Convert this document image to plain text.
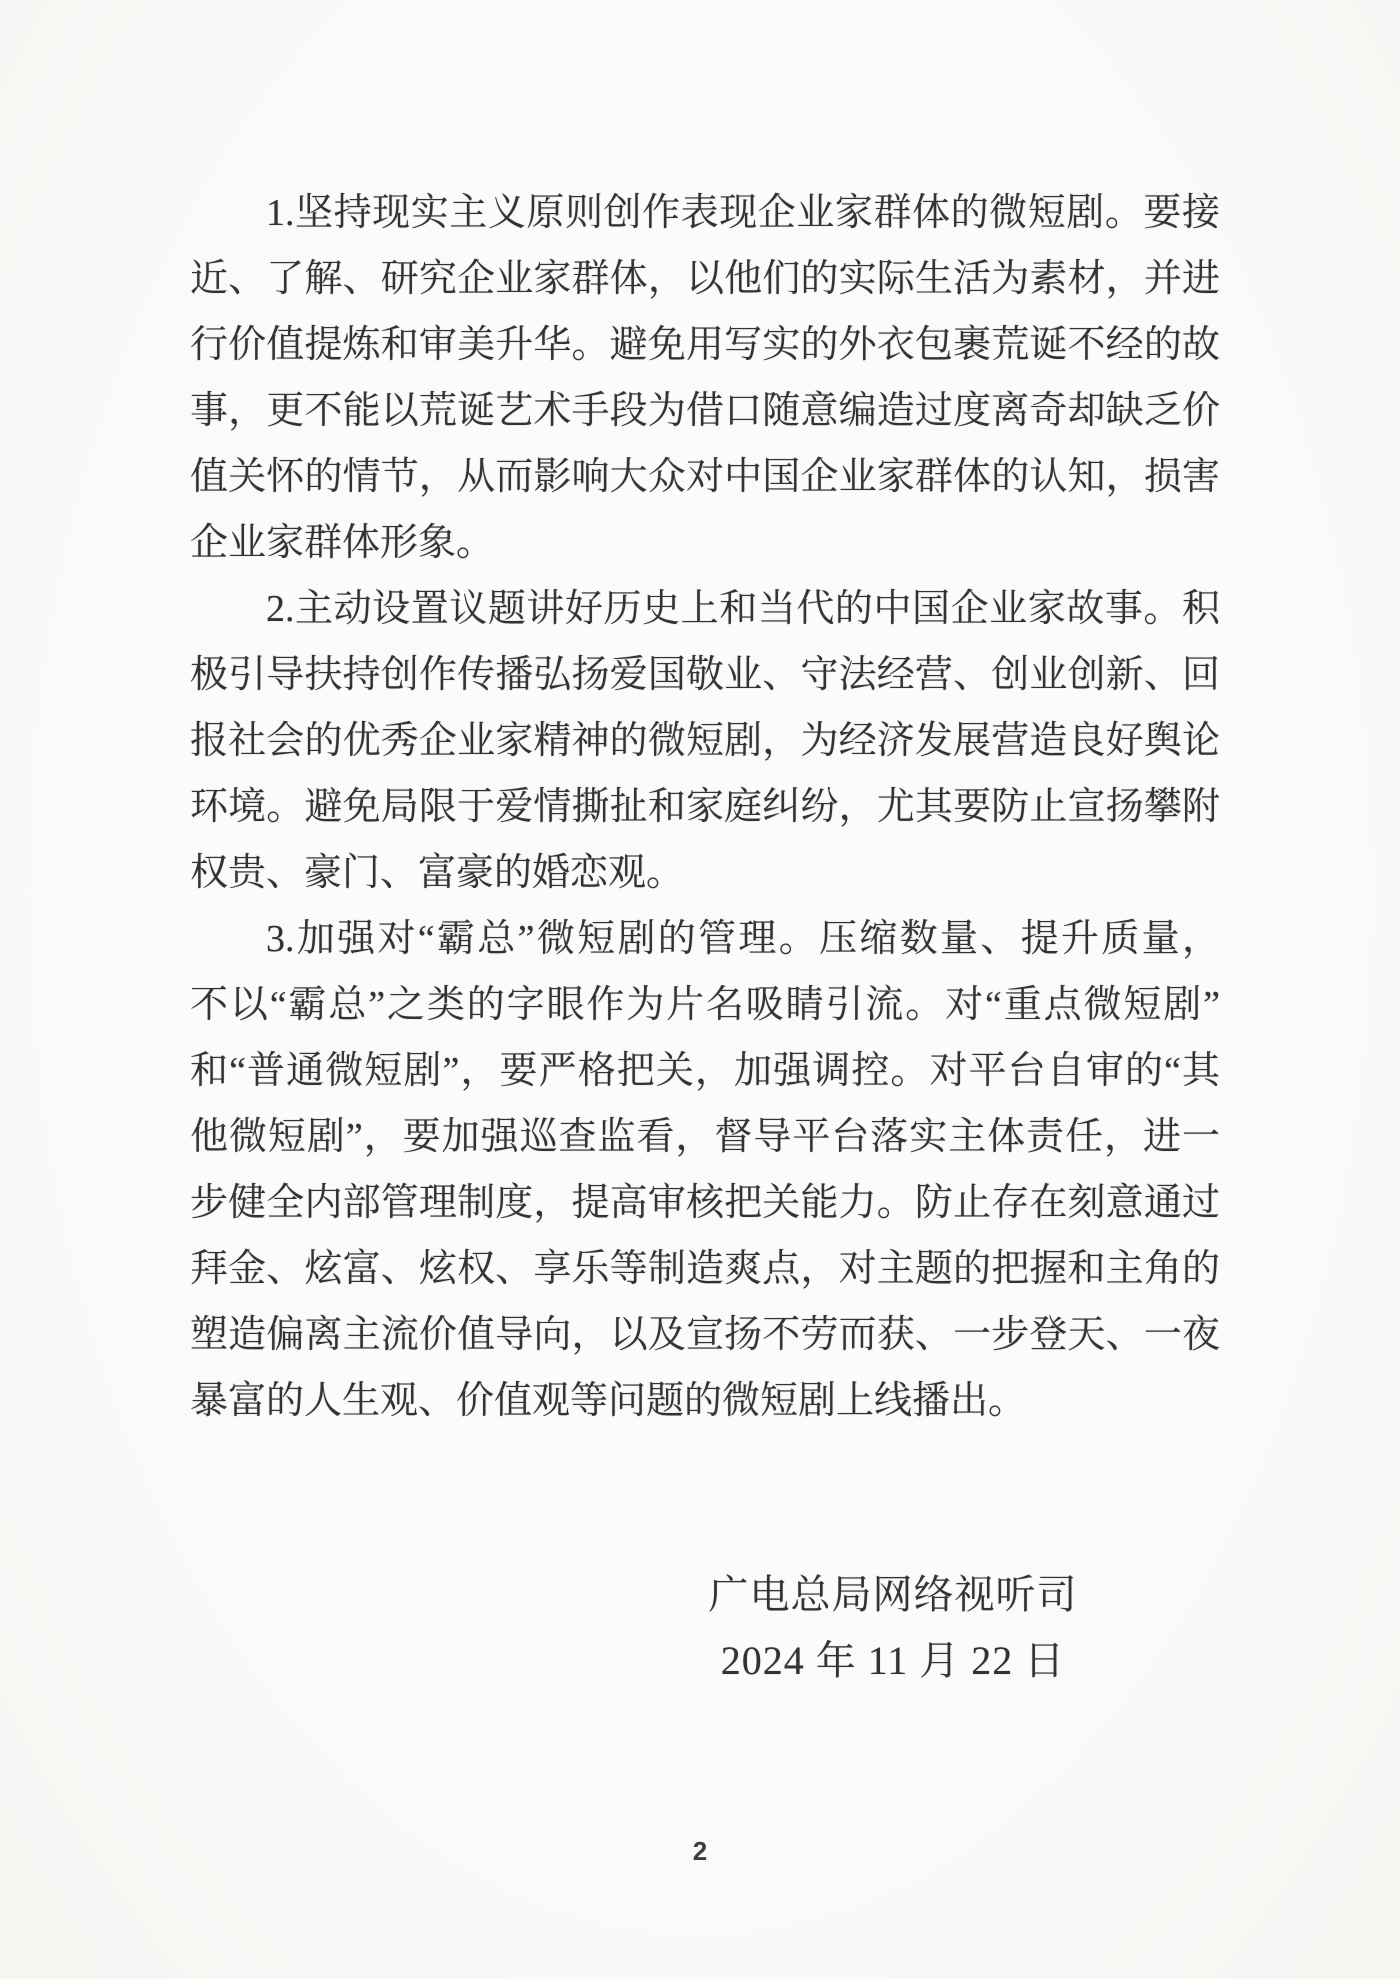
1.坚持现实主义原则创作表现企业家群体的微短剧。要接
近、了解、研究企业家群体，以他们的实际生活为素材，并进
行价值提炼和审美升华。避免用写实的外衣包裹荒诞不经的故
事，更不能以荒诞艺术手段为借口随意编造过度离奇却缺乏价
值关怀的情节，从而影响大众对中国企业家群体的认知，损害
企业家群体形象。
2.主动设置议题讲好历史上和当代的中国企业家故事。积
极引导扶持创作传播弘扬爱国敬业、守法经营、创业创新、回
报社会的优秀企业家精神的微短剧，为经济发展营造良好舆论
环境。避免局限于爱情撕扯和家庭纠纷，尤其要防止宣扬攀附
权贵、豪门、富豪的婚恋观。
3.加强对“霸总”微短剧的管理。压缩数量、提升质量，
不以“霸总”之类的字眼作为片名吸睛引流。对“重点微短剧”
和“普通微短剧”，要严格把关，加强调控。对平台自审的“其
他微短剧”，要加强巡查监看，督导平台落实主体责任，进一
步健全内部管理制度，提高审核把关能力。防止存在刻意通过
拜金、炫富、炫权、享乐等制造爽点，对主题的把握和主角的
塑造偏离主流价值导向，以及宣扬不劳而获、一步登天、一夜
暴富的人生观、价值观等问题的微短剧上线播出。
广电总局网络视听司
2024 年 11 月 22 日
2
